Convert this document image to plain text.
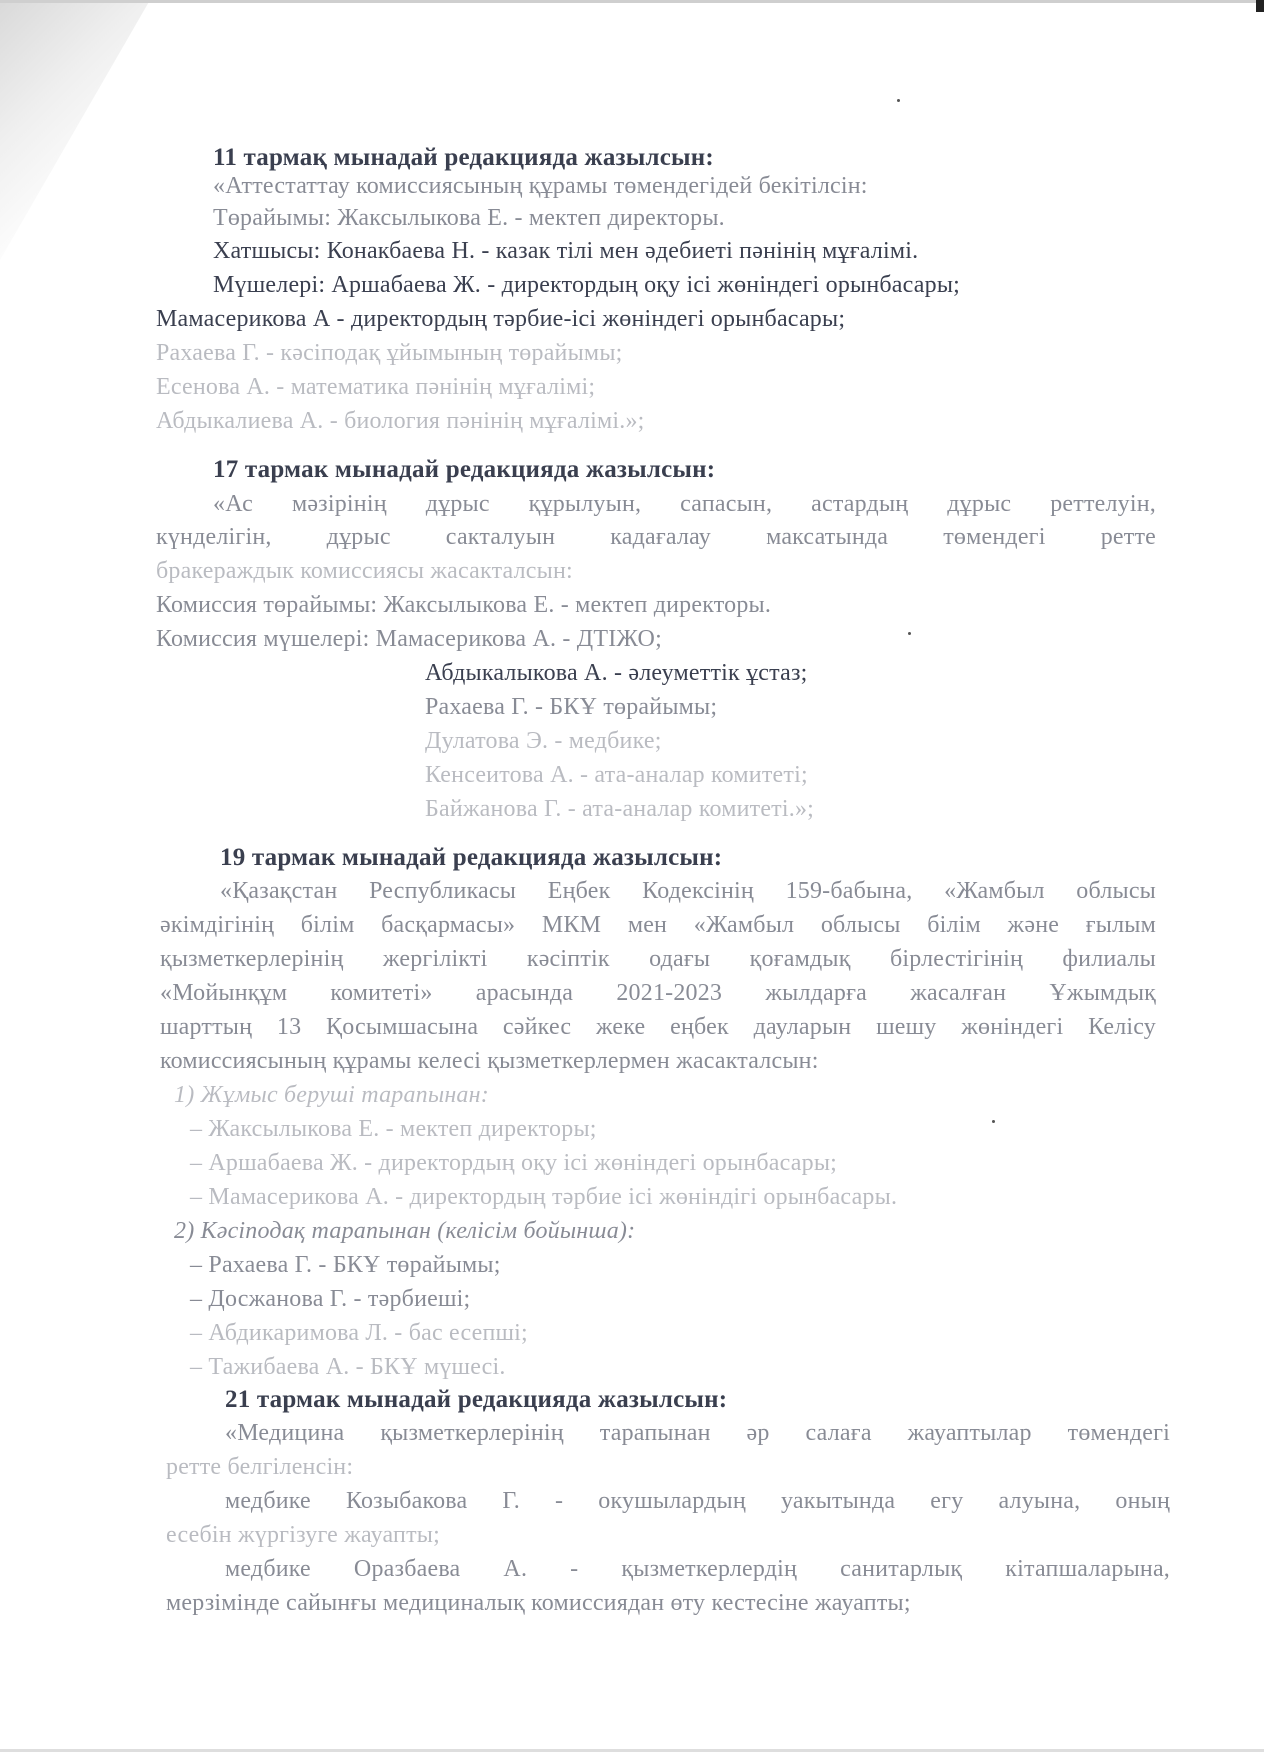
11 тармақ мынадай редакцияда жазылсын:
«Аттестаттау комиссиясының құрамы төмендегідей бекітілсін:
Төрайымы: Жаксылыкова Е. - мектеп директоры.
Хатшысы: Конакбаева Н. - казак тілі мен әдебиеті пәнінің мұғалімі.
Мүшелері: Аршабаева Ж. - директордың оқу ісі жөніндегі орынбасары;
Мамасерикова А - директордың тәрбие-ісі жөніндегі орынбасары;
Рахаева Г. - кәсіподақ ұйымының төрайымы;
Есенова А. - математика пәнінің мұғалімі;
Абдыкалиева А. - биология пәнінің мұғалімі.»;
17 тармак мынадай редакцияда жазылсын:
«Ас мәзірінің дұрыс құрылуын, сапасын, астардың дұрыс реттелуін,
күнделігін, дұрыс сакталуын кадағалау максатында төмендегі ретте
бракераждык комиссиясы жасакталсын:
Комиссия төрайымы: Жаксылыкова Е. - мектеп директоры.
Комиссия мүшелері: Мамасерикова А. - ДТІЖО;
Абдыкалыкова А. - әлеуметтік ұстаз;
Рахаева Г. - БКҰ төрайымы;
Дулатова Э. - медбике;
Кенсеитова А. - ата-аналар комитеті;
Байжанова Г. - ата-аналар комитеті.»;
19 тармак мынадай редакцияда жазылсын:
«Қазақстан Республикасы Еңбек Кодексінің 159-бабына, «Жамбыл облысы
әкімдігінің білім басқармасы» МКМ мен «Жамбыл облысы білім және ғылым
қызметкерлерінің жергілікті кәсіптік одағы қоғамдық бірлестігінің филиалы
«Мойынқұм комитеті» арасында 2021-2023 жылдарға жасалған Ұжымдық
шарттың 13 Қосымшасына сәйкес жеке еңбек дауларын шешу жөніндегі Келісу
комиссиясының құрамы келесі қызметкерлермен жасакталсын:
1) Жұмыс беруші тарапынан:
– Жаксылыкова Е. - мектеп директоры;
– Аршабаева Ж. - директордың оқу ісі жөніндегі орынбасары;
– Мамасерикова А. - директордың тәрбие ісі жөніндігі орынбасары.
2) Кәсіподақ тарапынан (келісім бойынша):
– Рахаева Г. - БКҰ төрайымы;
– Досжанова Г. - тәрбиеші;
– Абдикаримова Л. - бас есепші;
– Тажибаева А. - БКҰ мүшесі.
21 тармак мынадай редакцияда жазылсын:
«Медицина қызметкерлерінің тарапынан әр салаға жауаптылар төмендегі
ретте белгіленсін:
медбике Козыбакова Г. - окушылардың уакытында егу алуына, оның
есебін жүргізуге жауапты;
медбике Оразбаева А. - қызметкерлердің санитарлық кітапшаларына,
мерзімінде сайынғы медициналық комиссиядан өту кестесіне жауапты;
